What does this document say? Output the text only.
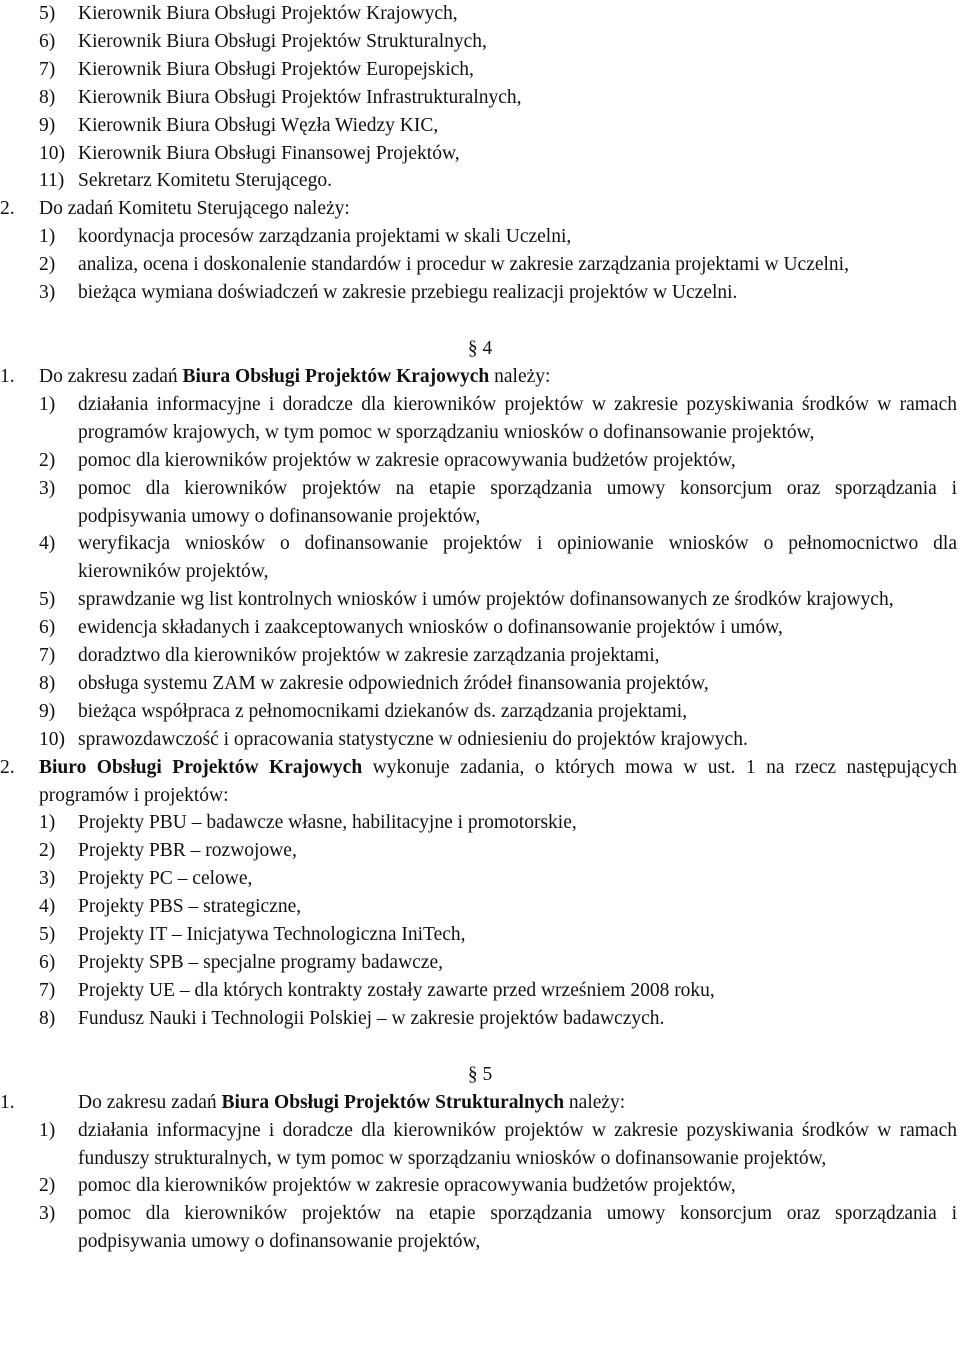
5)	Kierownik Biura Obsługi Projektów Krajowych,
6)	Kierownik Biura Obsługi Projektów Strukturalnych,
7)	Kierownik Biura Obsługi Projektów Europejskich,
8)	Kierownik Biura Obsługi Projektów Infrastrukturalnych,
9)	Kierownik Biura Obsługi Węzła Wiedzy KIC,
10) Kierownik Biura Obsługi Finansowej Projektów,
11) Sekretarz Komitetu Sterującego.
2.	Do zadań Komitetu Sterującego należy:
1)	koordynacja procesów zarządzania projektami w skali Uczelni,
2)	analiza, ocena i doskonalenie standardów i procedur w zakresie zarządzania projektami w Uczelni,
3)	bieżąca wymiana doświadczeń w zakresie przebiegu realizacji projektów w Uczelni.
§ 4
1.	Do zakresu zadań Biura Obsługi Projektów Krajowych należy:
1)	działania informacyjne i doradcze dla kierowników projektów w zakresie pozyskiwania środków w ramach programów krajowych, w tym pomoc w sporządzaniu wniosków o dofinansowanie projektów,
2)	pomoc dla kierowników projektów w zakresie opracowywania budżetów projektów,
3)	pomoc dla kierowników projektów na etapie sporządzania umowy konsorcjum oraz sporządzania i podpisywania umowy o dofinansowanie projektów,
4)	weryfikacja wniosków o dofinansowanie projektów i opiniowanie wniosków o pełnomocnictwo dla kierowników projektów,
5)	sprawdzanie wg list kontrolnych wniosków i umów projektów dofinansowanych ze środków krajowych,
6)	ewidencja składanych i zaakceptowanych wniosków o dofinansowanie projektów i umów,
7)	doradztwo dla kierowników projektów w zakresie zarządzania projektami,
8)	obsługa systemu ZAM w zakresie odpowiednich źródeł finansowania projektów,
9)	bieżąca współpraca z pełnomocnikami dziekanów ds. zarządzania projektami,
10) sprawozdawczość i opracowania statystyczne w odniesieniu do projektów krajowych.
2.	Biuro Obsługi Projektów Krajowych wykonuje zadania, o których mowa w ust. 1 na rzecz następujących programów i projektów:
1)	Projekty PBU – badawcze własne, habilitacyjne i promotorskie,
2)	Projekty PBR – rozwojowe,
3)	Projekty PC – celowe,
4)	Projekty PBS – strategiczne,
5)	Projekty IT – Inicjatywa Technologiczna IniTech,
6)	Projekty SPB – specjalne programy badawcze,
7)	Projekty UE – dla których kontrakty zostały zawarte przed wrześniem 2008 roku,
8)	Fundusz Nauki i Technologii Polskiej – w zakresie projektów badawczych.
§ 5
1.	Do zakresu zadań Biura Obsługi Projektów Strukturalnych należy:
1)	działania informacyjne i doradcze dla kierowników projektów w zakresie pozyskiwania środków w ramach funduszy strukturalnych, w tym pomoc w sporządzaniu wniosków o dofinansowanie projektów,
2)	pomoc dla kierowników projektów w zakresie opracowywania budżetów projektów,
3)	pomoc dla kierowników projektów na etapie sporządzania umowy konsorcjum oraz sporządzania i podpisywania umowy o dofinansowanie projektów,
